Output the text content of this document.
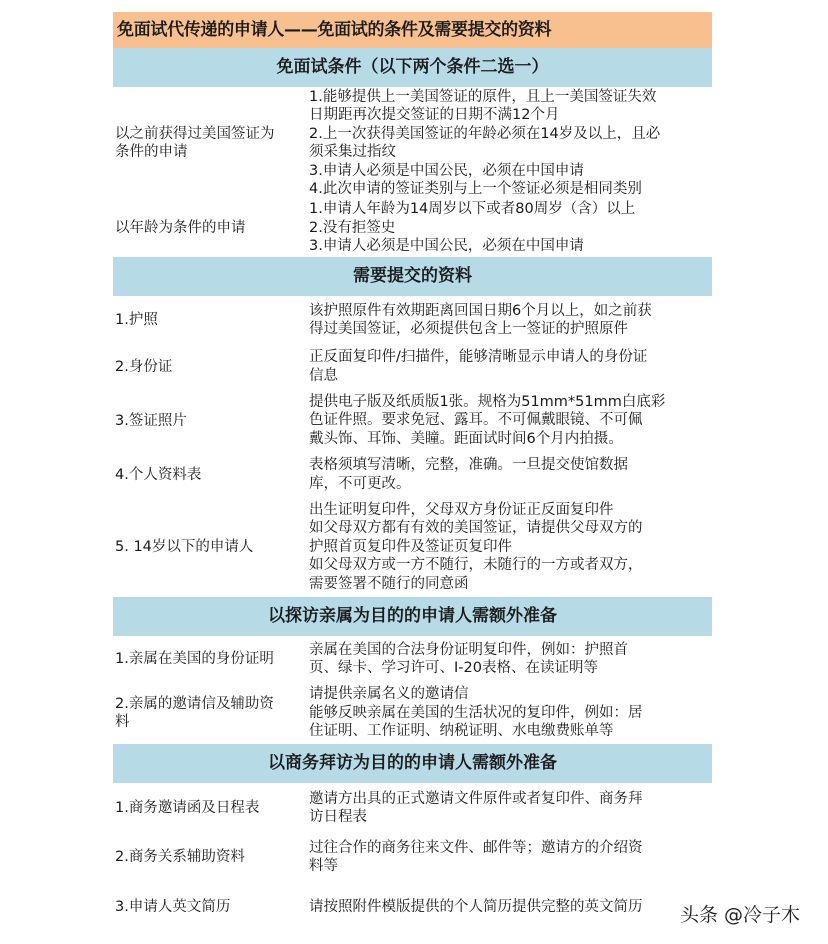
免面试代传递的申请人——免面试的条件及需要提交的资料
免面试条件（以下两个条件二选一）
以之前获得过美国签证为
条件的申请
1.能够提供上一美国签证的原件，且上一美国签证失效
日期距再次提交签证的日期不满12个月
2.上一次获得美国签证的年龄必须在14岁及以上，且必
须采集过指纹
3.申请人必须是中国公民，必须在中国申请
4.此次申请的签证类别与上一个签证必须是相同类别
以年龄为条件的申请
1.申请人年龄为14周岁以下或者80周岁（含）以上
2.没有拒签史
3.申请人必须是中国公民，必须在中国申请
需要提交的资料
1.护照
该护照原件有效期距离回国日期6个月以上，如之前获
得过美国签证，必须提供包含上一签证的护照原件
2.身份证
正反面复印件/扫描件，能够清晰显示申请人的身份证
信息
3.签证照片
提供电子版及纸质版1张。规格为51mm*51mm白底彩
色证件照。要求免冠、露耳。不可佩戴眼镜、不可佩
戴头饰、耳饰、美瞳。距面试时间6个月内拍摄。
4.个人资料表
表格须填写清晰，完整，准确。一旦提交使馆数据
库，不可更改。
5. 14岁以下的申请人
出生证明复印件，父母双方身份证正反面复印件
如父母双方都有有效的美国签证，请提供父母双方的
护照首页复印件及签证页复印件
如父母双方或一方不随行，未随行的一方或者双方，
需要签署不随行的同意函
以探访亲属为目的的申请人需额外准备
1.亲属在美国的身份证明
亲属在美国的合法身份证明复印件，例如：护照首
页、绿卡、学习许可、I-20表格、在读证明等
2.亲属的邀请信及辅助资
料
请提供亲属名义的邀请信
能够反映亲属在美国的生活状况的复印件，例如：居
住证明、工作证明、纳税证明、水电缴费账单等
以商务拜访为目的的申请人需额外准备
1.商务邀请函及日程表
邀请方出具的正式邀请文件原件或者复印件、商务拜
访日程表
2.商务关系辅助资料
过往合作的商务往来文件、邮件等；邀请方的介绍资
料等
3.申请人英文简历	请按照附件模版提供的个人简历提供完整的英文简历	头条 @冷子木
